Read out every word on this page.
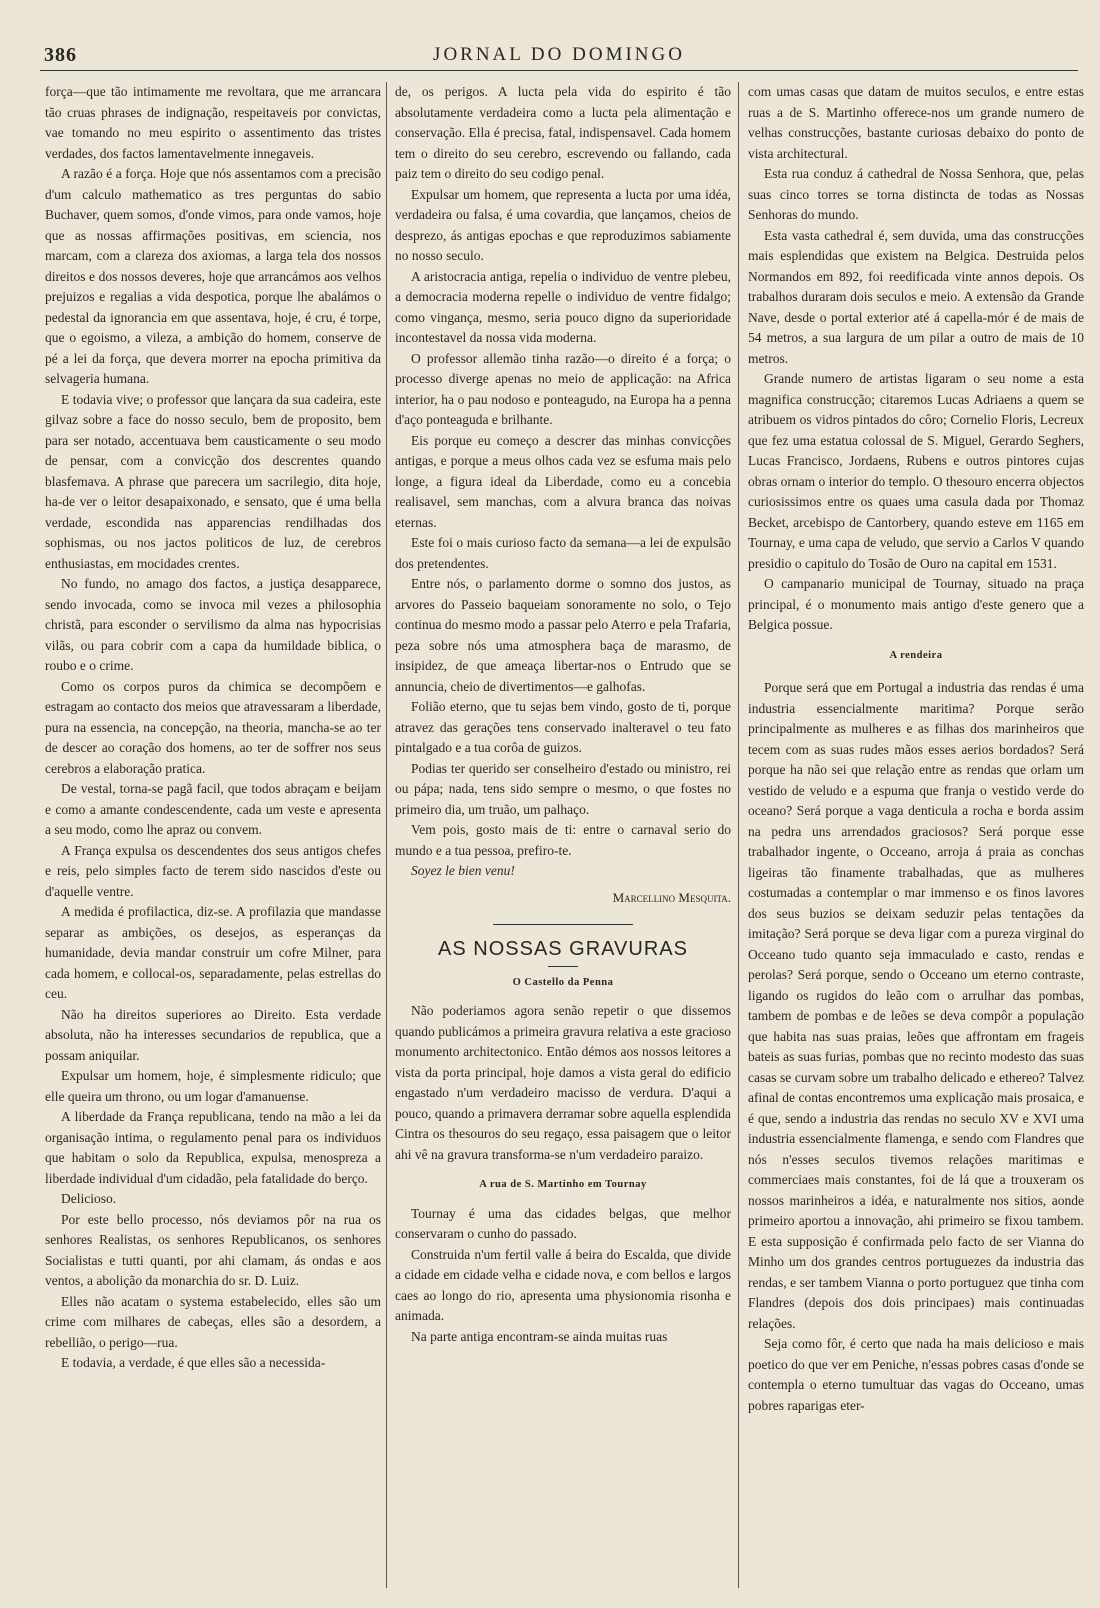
386	JORNAL DO DOMINGO

força—que tão intimamente me revoltara, que me arrancara tão cruas phrases de indignação, respeitaveis por convictas, vae tomando no meu espirito o assentimento das tristes verdades, dos factos lamentavelmente innegaveis.

A razão é a força. Hoje que nós assentamos com a precisão d'um calculo mathematico as tres perguntas do sabio Buchaver, quem somos, d'onde vimos, para onde vamos, hoje que as nossas affirmações positivas, em sciencia, nos marcam, com a clareza dos axiomas, a larga tela dos nossos direitos e dos nossos deveres, hoje que arrancámos aos velhos prejuizos e regalias a vida despotica, porque lhe abalámos o pedestal da ignorancia em que assentava, hoje, é cru, é torpe, que o egoismo, a vileza, a ambição do homem, conserve de pé a lei da força, que devera morrer na epocha primitiva da selvageria humana.

E todavia vive; o professor que lançara da sua cadeira, este gilvaz sobre a face do nosso seculo, bem de proposito, bem para ser notado, accentuava bem causticamente o seu modo de pensar, com a convicção dos descrentes quando blasfemava. A phrase que parecera um sacrilegio, dita hoje, ha-de ver o leitor desapaixonado, e sensato, que é uma bella verdade, escondida nas apparencias rendilhadas dos sophismas, ou nos jactos politicos de luz, de cerebros enthusiastas, em mocidades crentes.

No fundo, no amago dos factos, a justiça desapparece, sendo invocada, como se invoca mil vezes a philosophia christã, para esconder o servilismo da alma nas hypocrisias vilãs, ou para cobrir com a capa da humildade biblica, o roubo e o crime.

Como os corpos puros da chimica se decompõem e estragam ao contacto dos meios que atravessaram a liberdade, pura na essencia, na concepção, na theoria, mancha-se ao ter de descer ao coração dos homens, ao ter de soffrer nos seus cerebros a elaboração pratica.

De vestal, torna-se pagã facil, que todos abraçam e beijam e como a amante condescendente, cada um veste e apresenta a seu modo, como lhe apraz ou convem.

A França expulsa os descendentes dos seus antigos chefes e reis, pelo simples facto de terem sido nascidos d'este ou d'aquelle ventre.

A medida é profilactica, diz-se. A profilazia que mandasse separar as ambições, os desejos, as esperanças da humanidade, devia mandar construir um cofre Milner, para cada homem, e collocal-os, separadamente, pelas estrellas do ceu.

Não ha direitos superiores ao Direito. Esta verdade absoluta, não ha interesses secundarios de republica, que a possam aniquilar.

Expulsar um homem, hoje, é simplesmente ridiculo; que elle queira um throno, ou um logar d'amanuense.

A liberdade da França republicana, tendo na mão a lei da organisação intima, o regulamento penal para os individuos que habitam o solo da Republica, expulsa, menospreza a liberdade individual d'um cidadão, pela fatalidade do berço.

Delicioso.

Por este bello processo, nós deviamos pôr na rua os senhores Realistas, os senhores Republicanos, os senhores Socialistas e tutti quanti, por ahi clamam, ás ondas e aos ventos, a abolição da monarchia do sr. D. Luiz.

Elles não acatam o systema estabelecido, elles são um crime com milhares de cabeças, elles são a desordem, a rebellião, o perigo—rua.

E todavia, a verdade, é que elles são a necessida-

de, os perigos. A lucta pela vida do espirito é tão absolutamente verdadeira como a lucta pela alimentação e conservação. Ella é precisa, fatal, indispensavel. Cada homem tem o direito do seu cerebro, escrevendo ou fallando, cada paiz tem o direito do seu codigo penal.

Expulsar um homem, que representa a lucta por uma idéa, verdadeira ou falsa, é uma covardia, que lançamos, cheios de desprezo, ás antigas epochas e que reproduzimos sabiamente no nosso seculo.

A aristocracia antiga, repelia o individuo de ventre plebeu, a democracia moderna repelle o individuo de ventre fidalgo; como vingança, mesmo, seria pouco digno da superioridade incontestavel da nossa vida moderna.

O professor allemão tinha razão—o direito é a força; o processo diverge apenas no meio de applicação: na Africa interior, ha o pau nodoso e ponteagudo, na Europa ha a penna d'aço ponteaguda e brilhante.

Eis porque eu começo a descrer das minhas convicções antigas, e porque a meus olhos cada vez se esfuma mais pelo longe, a figura ideal da Liberdade, como eu a concebia realisavel, sem manchas, com a alvura branca das noivas eternas.

Este foi o mais curioso facto da semana—a lei de expulsão dos pretendentes.

Entre nós, o parlamento dorme o somno dos justos, as arvores do Passeio baqueiam sonoramente no solo, o Tejo continua do mesmo modo a passar pelo Aterro e pela Trafaria, peza sobre nós uma atmosphera baça de marasmo, de insipidez, de que ameaça libertar-nos o Entrudo que se annuncia, cheio de divertimentos—e galhofas.

Folião eterno, que tu sejas bem vindo, gosto de ti, porque atravez das gerações tens conservado inalteravel o teu fato pintalgado e a tua corôa de guizos.

Podias ter querido ser conselheiro d'estado ou ministro, rei ou pápa; nada, tens sido sempre o mesmo, o que fostes no primeiro dia, um truão, um palhaço.

Vem pois, gosto mais de ti: entre o carnaval serio do mundo e a tua pessoa, prefiro-te.

Soyez le bien venu!

Marcellino Mesquita.

AS NOSSAS GRAVURAS
O Castello da Penna

Não poderiamos agora senão repetir o que dissemos quando publicámos a primeira gravura relativa a este gracioso monumento architectonico. Então démos aos nossos leitores a vista da porta principal, hoje damos a vista geral do edificio engastado n'um verdadeiro macisso de verdura. D'aqui a pouco, quando a primavera derramar sobre aquella esplendida Cintra os thesouros do seu regaço, essa paisagem que o leitor ahi vê na gravura transforma-se n'um verdadeiro paraizo.

A rua de S. Martinho em Tournay

Tournay é uma das cidades belgas, que melhor conservaram o cunho do passado.

Construida n'um fertil valle á beira do Escalda, que divide a cidade em cidade velha e cidade nova, e com bellos e largos caes ao longo do rio, apresenta uma physionomia risonha e animada.

Na parte antiga encontram-se ainda muitas ruas

com umas casas que datam de muitos seculos, e entre estas ruas a de S. Martinho offerece-nos um grande numero de velhas construcções, bastante curiosas debaixo do ponto de vista architectural.

Esta rua conduz á cathedral de Nossa Senhora, que, pelas suas cinco torres se torna distincta de todas as Nossas Senhoras do mundo.

Esta vasta cathedral é, sem duvida, uma das construcções mais esplendidas que existem na Belgica. Destruida pelos Normandos em 892, foi reedificada vinte annos depois. Os trabalhos duraram dois seculos e meio. A extensão da Grande Nave, desde o portal exterior até á capella-mór é de mais de 54 metros, a sua largura de um pilar a outro de mais de 10 metros.

Grande numero de artistas ligaram o seu nome a esta magnifica construcção; citaremos Lucas Adriaens a quem se atribuem os vidros pintados do côro; Cornelio Floris, Lecreux que fez uma estatua colossal de S. Miguel, Gerardo Seghers, Lucas Francisco, Jordaens, Rubens e outros pintores cujas obras ornam o interior do templo. O thesouro encerra objectos curiosissimos entre os quaes uma casula dada por Thomaz Becket, arcebispo de Cantorbery, quando esteve em 1165 em Tournay, e uma capa de veludo, que servio a Carlos V quando presidio o capitulo do Tosão de Ouro na capital em 1531.

O campanario municipal de Tournay, situado na praça principal, é o monumento mais antigo d'este genero que a Belgica possue.

A rendeira

Porque será que em Portugal a industria das rendas é uma industria essencialmente maritima? Porque serão principalmente as mulheres e as filhas dos marinheiros que tecem com as suas rudes mãos esses aerios bordados? Será porque ha não sei que relação entre as rendas que orlam um vestido de veludo e a espuma que franja o vestido verde do oceano? Será porque a vaga denticula a rocha e borda assim na pedra uns arrendados graciosos? Será porque esse trabalhador ingente, o Occeano, arroja á praia as conchas ligeiras tão finamente trabalhadas, que as mulheres costumadas a contemplar o mar immenso e os finos lavores dos seus buzios se deixam seduzir pelas tentações da imitação? Será porque se deva ligar com a pureza virginal do Occeano tudo quanto seja immaculado e casto, rendas e perolas? Será porque, sendo o Occeano um eterno contraste, ligando os rugidos do leão com o arrulhar das pombas, tambem de pombas e de leões se deva compôr a população que habita nas suas praias, leões que affrontam em frageis bateis as suas furias, pombas que no recinto modesto das suas casas se curvam sobre um trabalho delicado e ethereo? Talvez afinal de contas encontremos uma explicação mais prosaica, e é que, sendo a industria das rendas no seculo XV e XVI uma industria essencialmente flamenga, e sendo com Flandres que nós n'esses seculos tivemos relações maritimas e commerciaes mais constantes, foi de lá que a trouxeram os nossos marinheiros a idéa, e naturalmente nos sitios, aonde primeiro aportou a innovação, ahi primeiro se fixou tambem. E esta supposição é confirmada pelo facto de ser Vianna do Minho um dos grandes centros portuguezes da industria das rendas, e ser tambem Vianna o porto portuguez que tinha com Flandres (depois dos dois principaes) mais continuadas relações.

Seja como fôr, é certo que nada ha mais delicioso e mais poetico do que ver em Peniche, n'essas pobres casas d'onde se contempla o eterno tumultuar das vagas do Occeano, umas pobres raparigas eter-
